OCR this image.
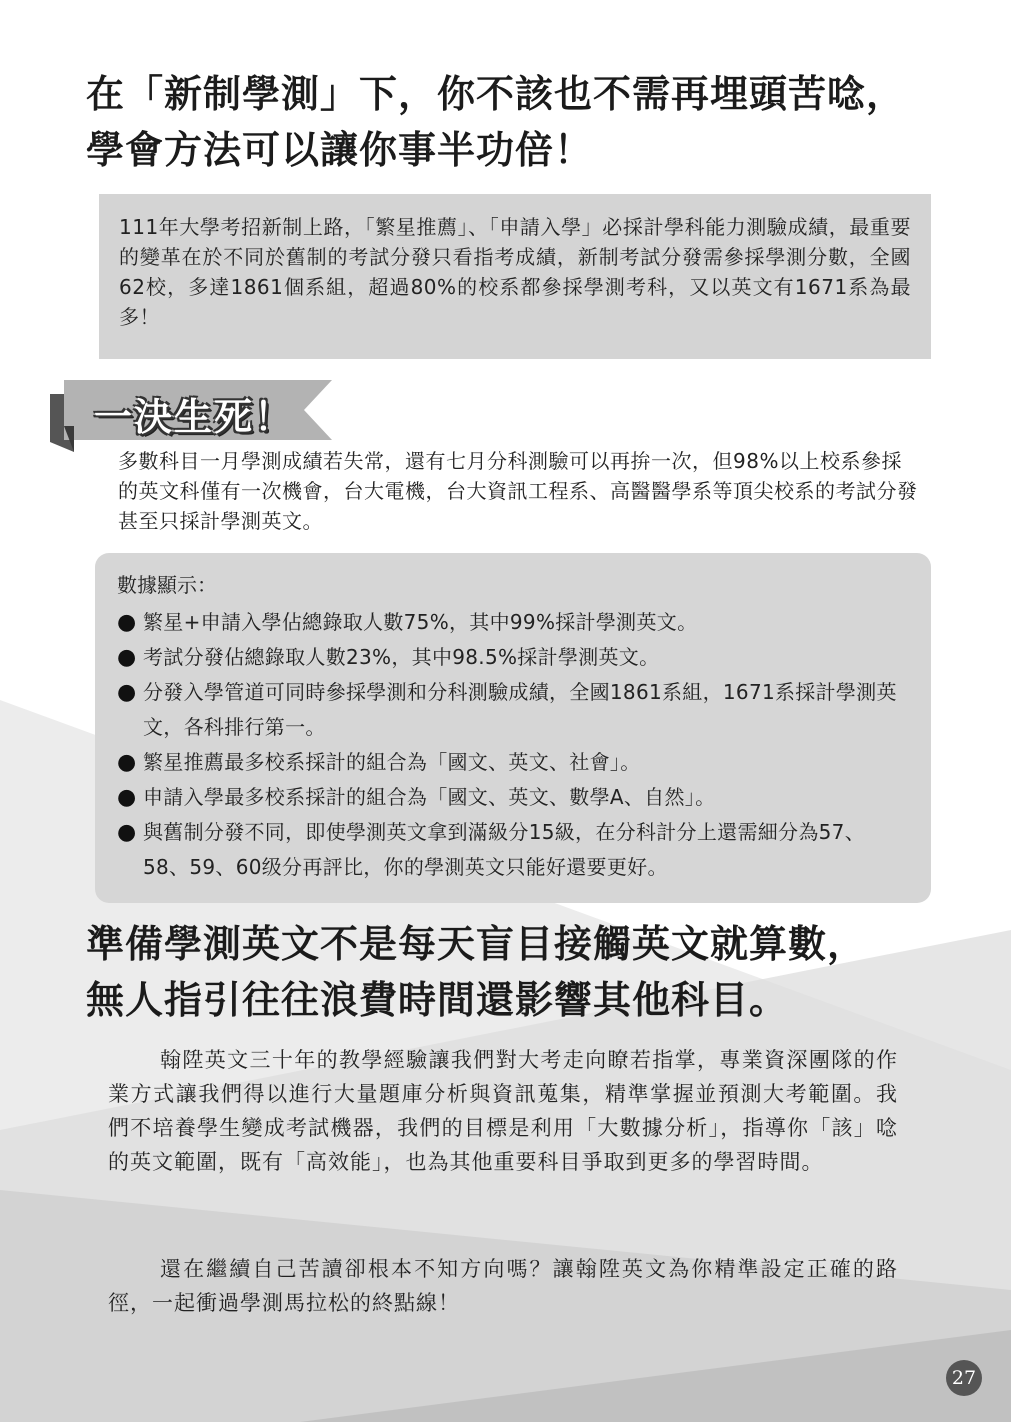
在「新制學測」下，你不該也不需再埋頭苦唸，
學會方法可以讓你事半功倍！

111年大學考招新制上路，「繁星推薦」、「申請入學」必採計學科能力測驗成績，最重要的變革在於不同於舊制的考試分發只看指考成績，新制考試分發需參採學測分數，全國62校，多達1861個系組，超過80%的校系都參採學測考科，又以英文有1671系為最多！

一決生死！

多數科目一月學測成績若失常，還有七月分科測驗可以再拚一次，但98%以上校系參採的英文科僅有一次機會，台大電機，台大資訊工程系、高醫醫學系等頂尖校系的考試分發甚至只採計學測英文。

數據顯示：

● 繁星+申請入學佔總錄取人數75%，其中99%採計學測英文。
● 考試分發佔總錄取人數23%，其中98.5%採計學測英文。
● 分發入學管道可同時參採學測和分科測驗成績，全國1861系組，1671系採計學測英文，各科排行第一。
● 繁星推薦最多校系採計的組合為「國文、英文、社會」。
● 申請入學最多校系採計的組合為「國文、英文、數學A、自然」。
● 與舊制分發不同，即使學測英文拿到滿級分15級，在分科計分上還需細分為57、58、59、60级分再評比，你的學測英文只能好還要更好。
準備學測英文不是每天盲目接觸英文就算數，
無人指引往往浪費時間還影響其他科目。

翰陞英文三十年的教學經驗讓我們對大考走向瞭若指掌，專業資深團隊的作業方式讓我們得以進行大量題庫分析與資訊蒐集，精準掌握並預測大考範圍。我們不培養學生變成考試機器，我們的目標是利用「大數據分析」，指導你「該」唸的英文範圍，既有「高效能」，也為其他重要科目爭取到更多的學習時間。

還在繼續自己苦讀卻根本不知方向嗎？讓翰陞英文為你精準設定正確的路徑，一起衝過學測馬拉松的終點線！

27
